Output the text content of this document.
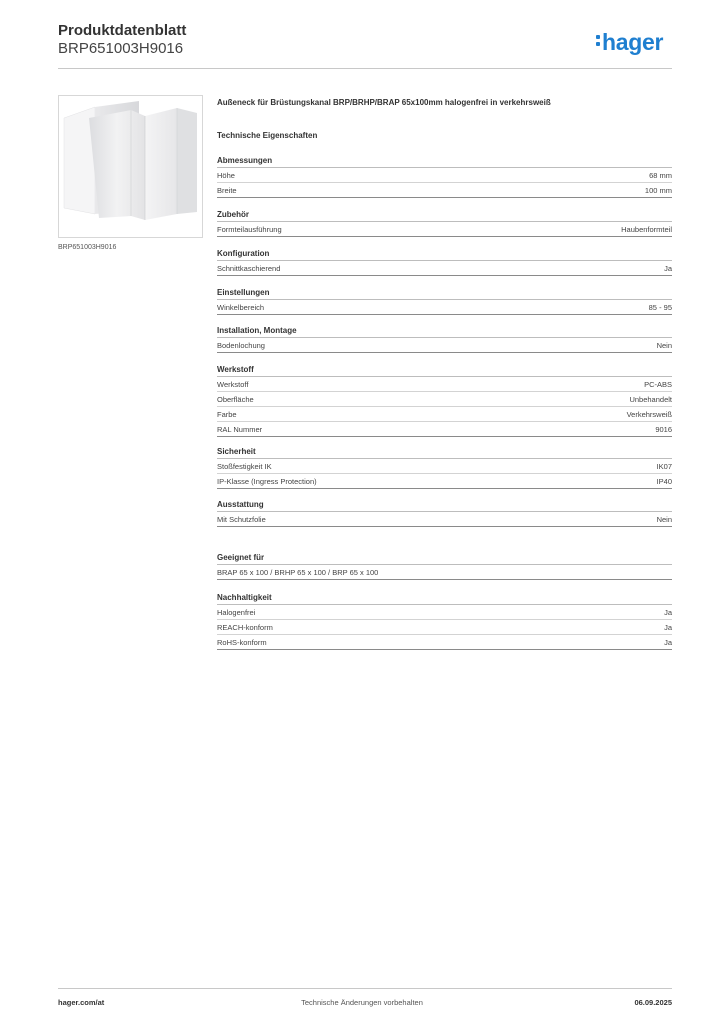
Produktdatenblatt
BRP651003H9016	hager
BRP651003H9016
Außeneck für Brüstungskanal BRP/BRHP/BRAP 65x100mm halogenfrei in verkehrsweiß
Technische Eigenschaften
Abmessungen
Höhe	68 mm
Breite	100 mm
Zubehör
Formteilausführung	Haubenformteil
Konfiguration
Schnittkaschierend	Ja
Einstellungen
Winkelbereich	85 - 95
Installation, Montage
Bodenlochung	Nein
Werkstoff
Werkstoff	PC-ABS
Oberfläche	Unbehandelt
Farbe	Verkehrsweiß
RAL Nummer	9016
Sicherheit
Stoßfestigkeit IK	IK07
IP-Klasse (Ingress Protection)	IP40
Ausstattung
Mit Schutzfolie	Nein
Geeignet für
BRAP 65 x 100 / BRHP 65 x 100 / BRP 65 x 100
Nachhaltigkeit
Halogenfrei	Ja
REACH-konform	Ja
RoHS-konform	Ja
hager.com/at	Technische Änderungen vorbehalten	06.09.2025
